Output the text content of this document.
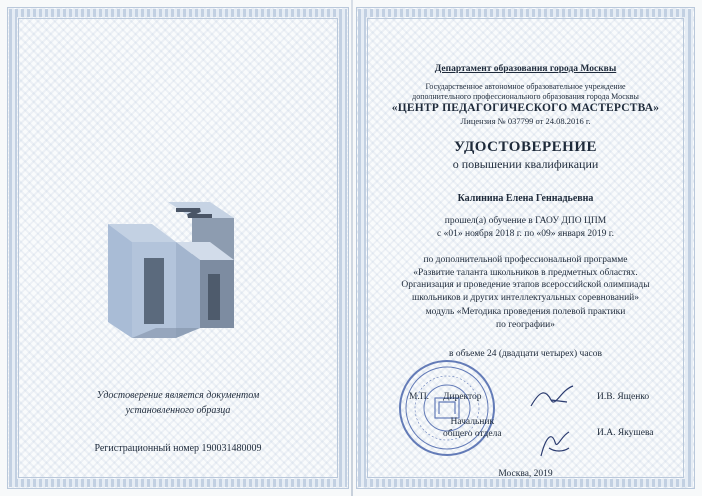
Удостоверение является документом
установленного образца
Регистрационный номер 190031480009
Департамент образования города Москвы
Государственное автономное образовательное учреждение
дополнительного профессионального образования города Москвы
«ЦЕНТР ПЕДАГОГИЧЕСКОГО МАСТЕРСТВА»
Лицензия № 037799 от 24.08.2016 г.
УДОСТОВЕРЕНИЕ
о повышении квалификации
Калинина Елена Геннадьевна
прошел(а) обучение в ГАОУ ДПО ЦПМ
с «01» ноября 2018 г. по «09» января 2019 г.
по дополнительной профессиональной программе
«Развитие таланта школьников в предметных областях.
Организация и проведение этапов всероссийской олимпиады
школьников и других интеллектуальных соревнований»
модуль «Методика проведения полевой практики
по географии»
в объеме 24 (двадцати четырех) часов
М.П. Директор	И.В. Ященко
Начальник
общего отдела	И.А. Якушева
Москва, 2019
